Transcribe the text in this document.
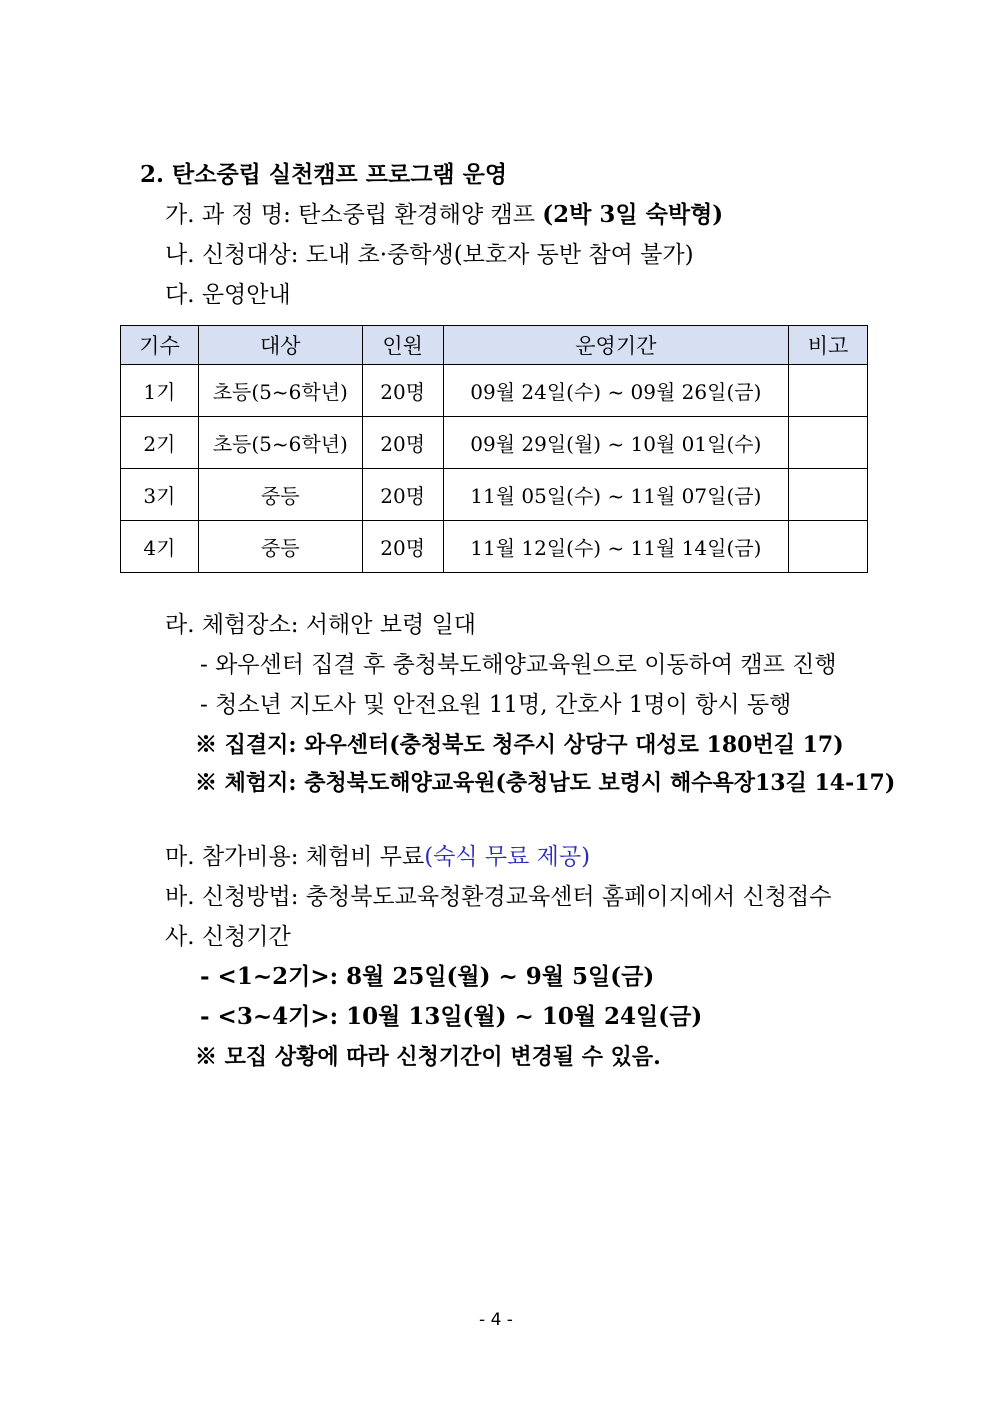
2. 탄소중립 실천캠프 프로그램 운영
가. 과 정 명: 탄소중립 환경해양 캠프 (2박 3일 숙박형)
나. 신청대상: 도내 초·중학생(보호자 동반 참여 불가)
다. 운영안내
기수	대상	인원	운영기간	비고
1기	초등(5~6학년)	20명	09월 24일(수) ~ 09월 26일(금)	
2기	초등(5~6학년)	20명	09월 29일(월) ~ 10월 01일(수)	
3기	중등	20명	11월 05일(수) ~ 11월 07일(금)	
4기	중등	20명	11월 12일(수) ~ 11월 14일(금)	
라. 체험장소: 서해안 보령 일대
- 와우센터 집결 후 충청북도해양교육원으로 이동하여 캠프 진행
- 청소년 지도사 및 안전요원 11명, 간호사 1명이 항시 동행
※ 집결지: 와우센터(충청북도 청주시 상당구 대성로 180번길 17)
※ 체험지: 충청북도해양교육원(충청남도 보령시 해수욕장13길 14-17)
마. 참가비용: 체험비 무료(숙식 무료 제공)
바. 신청방법: 충청북도교육청환경교육센터 홈페이지에서 신청접수
사. 신청기간
- <1~2기>: 8월 25일(월) ~ 9월 5일(금)
- <3~4기>: 10월 13일(월) ~ 10월 24일(금)
※ 모집 상황에 따라 신청기간이 변경될 수 있음.
- 4 -
